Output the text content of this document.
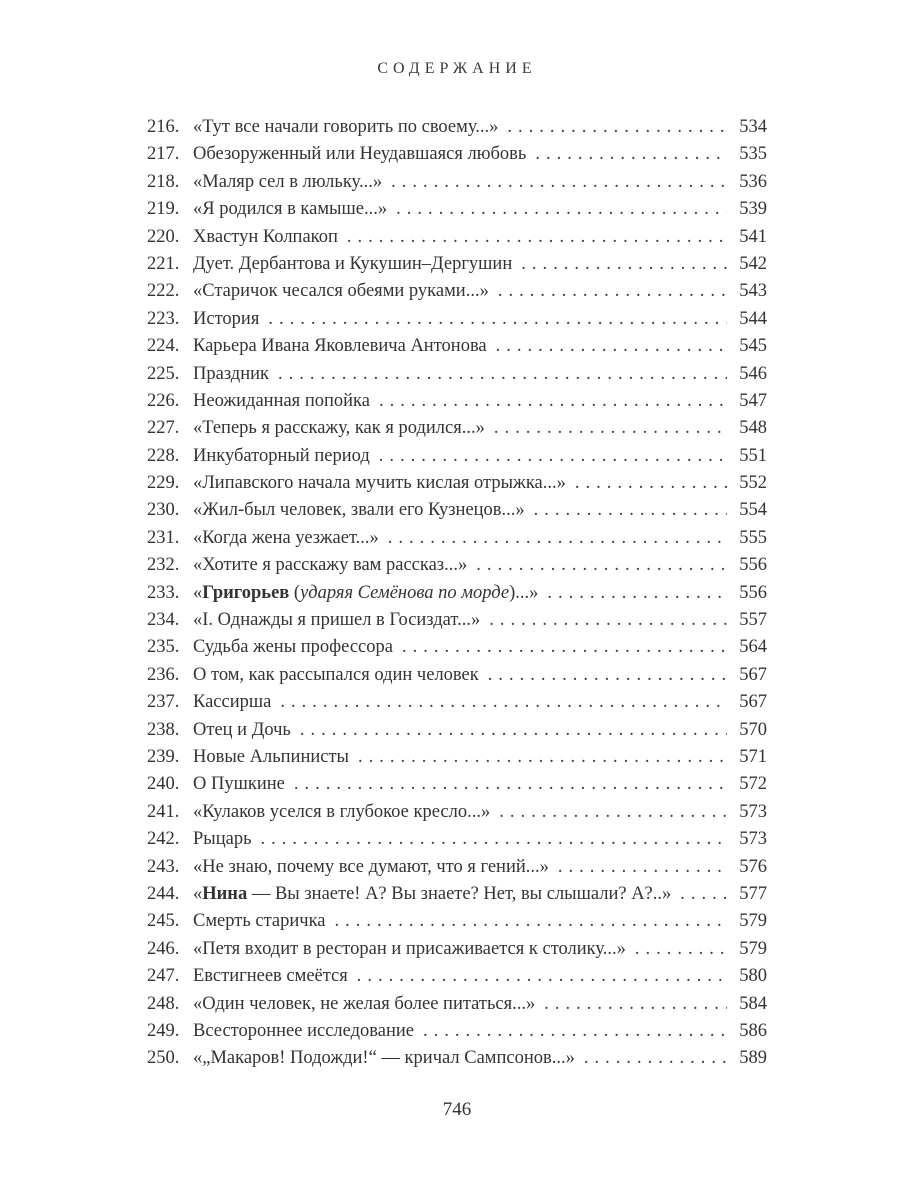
СОДЕРЖАНИЕ
216. «Тут все начали говорить по своему...» .....	534
217. Обезоруженный или Неудавшаяся любовь .....	535
218. «Маляр сел в люльку...» .....	536
219. «Я родился в камыше...» .....	539
220. Хвастун Колпакоп .....	541
221. Дует. Дербантова и Кукушин–Дергушин .....	542
222. «Старичок чесался обеями руками...» .....	543
223. История .....	544
224. Карьера Ивана Яковлевича Антонова .....	545
225. Праздник .....	546
226. Неожиданная попойка .....	547
227. «Теперь я расскажу, как я родился...» .....	548
228. Инкубаторный период .....	551
229. «Липавского начала мучить кислая отрыжка...» .....	552
230. «Жил-был человек, звали его Кузнецов...» .....	554
231. «Когда жена уезжает...» .....	555
232. «Хотите я расскажу вам рассказ...» .....	556
233. «Григорьев (ударяя Семёнова по морде)...» .....	556
234. «I. Однажды я пришел в Госиздат...» .....	557
235. Судьба жены профессора .....	564
236. О том, как рассыпался один человек .....	567
237. Кассирша .....	567
238. Отец и Дочь .....	570
239. Новые Альпинисты .....	571
240. О Пушкине .....	572
241. «Кулаков уселся в глубокое кресло...» .....	573
242. Рыцарь .....	573
243. «Не знаю, почему все думают, что я гений...» .....	576
244. «Нина — Вы знаете! А? Вы знаете? Нет, вы слышали? А?..» .....	577
245. Смерть старичка .....	579
246. «Петя входит в ресторан и присаживается к столику...» .....	579
247. Евстигнеев смеётся .....	580
248. «Один человек, не желая более питаться...» .....	584
249. Всестороннее исследование .....	586
250. «„Макаров! Подожди!“ — кричал Сампсонов...» .....	589
746
